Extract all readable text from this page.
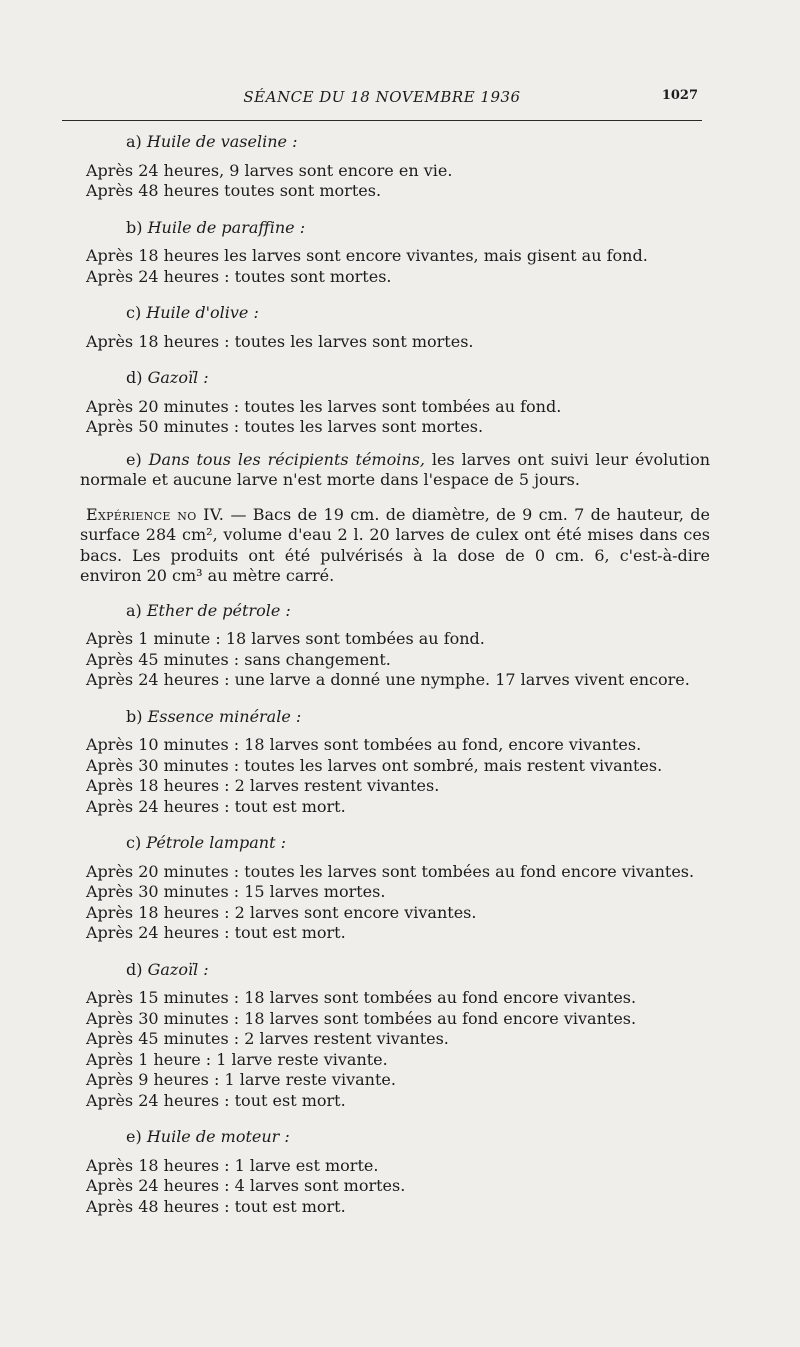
SÉANCE DU 18 NOVEMBRE 1936	1027
a) Huile de vaseline :

Après 24 heures, 9 larves sont encore en vie.

Après 48 heures toutes sont mortes.

b) Huile de paraffine :

Après 18 heures les larves sont encore vivantes, mais gisent au fond.

Après 24 heures : toutes sont mortes.

c) Huile d'olive :

Après 18 heures : toutes les larves sont mortes.

d) Gazoïl :

Après 20 minutes : toutes les larves sont tombées au fond.

Après 50 minutes : toutes les larves sont mortes.

e) Dans tous les récipients témoins, les larves ont suivi leur évolution normale et aucune larve n'est morte dans l'espace de 5 jours.

Expérience no IV. — Bacs de 19 cm. de diamètre, de 9 cm. 7 de hauteur, de surface 284 cm², volume d'eau 2 l. 20 larves de culex ont été mises dans ces bacs. Les produits ont été pulvérisés à la dose de 0 cm. 6, c'est-à-dire environ 20 cm³ au mètre carré.

a) Ether de pétrole :

Après 1 minute : 18 larves sont tombées au fond.

Après 45 minutes : sans changement.

Après 24 heures : une larve a donné une nymphe. 17 larves vivent encore.

b) Essence minérale :

Après 10 minutes : 18 larves sont tombées au fond, encore vivantes.

Après 30 minutes : toutes les larves ont sombré, mais restent vivantes.

Après 18 heures : 2 larves restent vivantes.

Après 24 heures : tout est mort.

c) Pétrole lampant :

Après 20 minutes : toutes les larves sont tombées au fond encore vivantes.

Après 30 minutes : 15 larves mortes.

Après 18 heures : 2 larves sont encore vivantes.

Après 24 heures : tout est mort.

d) Gazoïl :

Après 15 minutes : 18 larves sont tombées au fond encore vivantes.

Après 30 minutes : 18 larves sont tombées au fond encore vivantes.

Après 45 minutes : 2 larves restent vivantes.

Après 1 heure : 1 larve reste vivante.

Après 9 heures : 1 larve reste vivante.

Après 24 heures : tout est mort.

e) Huile de moteur :

Après 18 heures : 1 larve est morte.

Après 24 heures : 4 larves sont mortes.

Après 48 heures : tout est mort.
